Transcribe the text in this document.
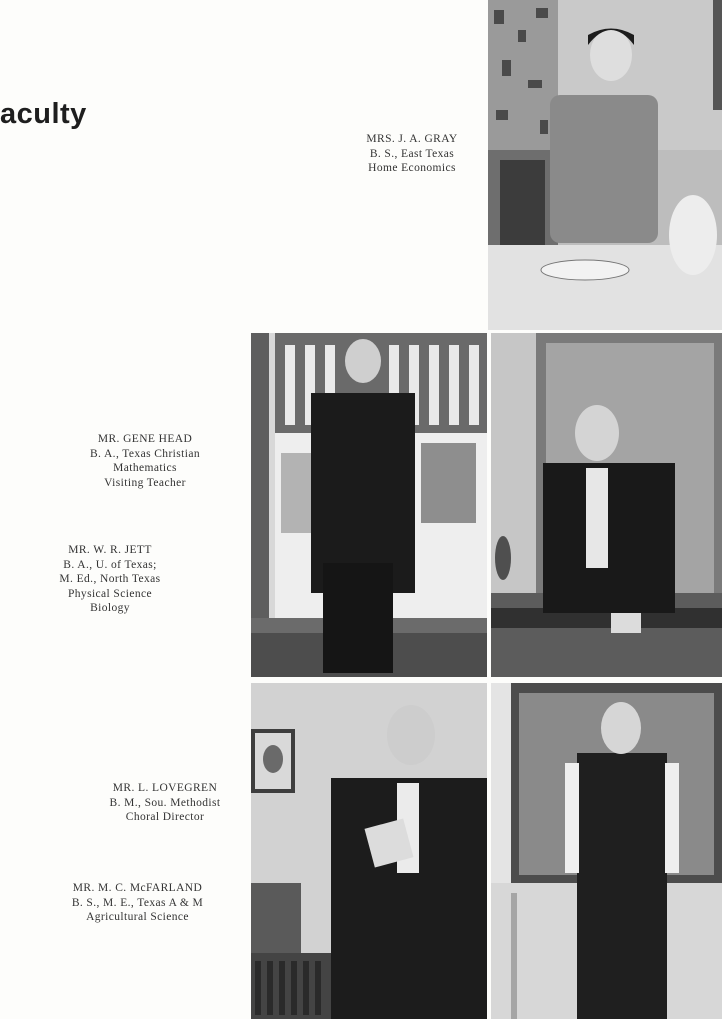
aculty
MRS. J. A. GRAY
B. S., East Texas
Home Economics
MR. GENE HEAD
B. A., Texas Christian
Mathematics
Visiting Teacher
MR. W. R. JETT
B. A., U. of Texas;
M. Ed., North Texas
Physical Science
Biology
MR. L. LOVEGREN
B. M., Sou. Methodist
Choral Director
MR. M. C. McFARLAND
B. S., M. E., Texas A & M
Agricultural Science
